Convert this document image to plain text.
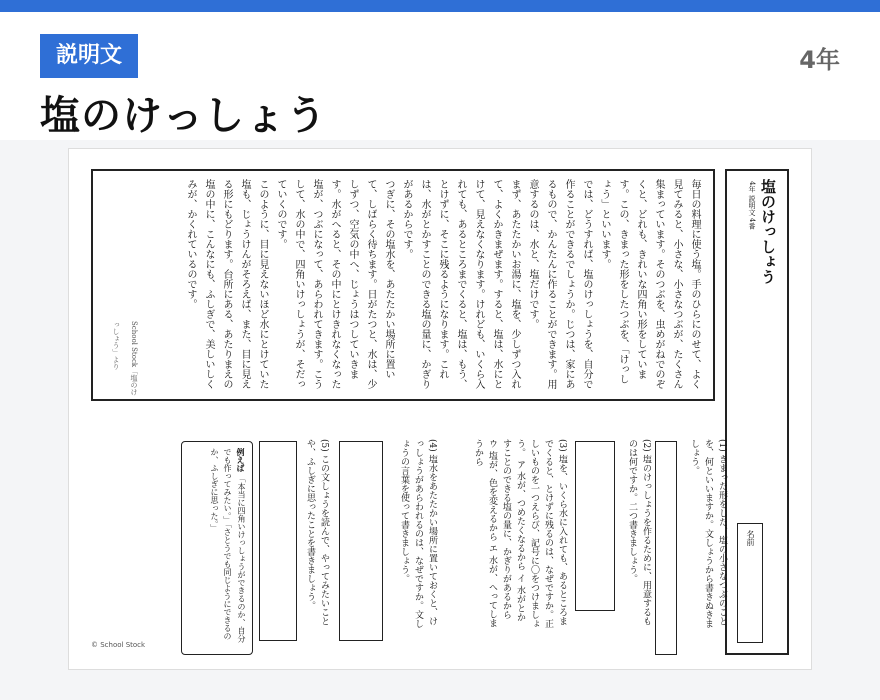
説明文	4年
塩のけっしょう

毎日の料理に使う塩。手のひらにのせて、よく見てみると、小さな、小さなつぶが、たくさん集まっています。そのつぶを、虫めがねでのぞくと、どれも、きれいな四角い形をしています。この、きまった形をしたつぶを、「けっしょう」といいます。

では、どうすれば、塩のけっしょうを、自分で作ることができるでしょうか。じつは、家にあるもので、かんたんに作ることができます。用意するのは、水と、塩だけです。

まず、あたたかいお湯に、塩を、少しずつ入れて、よくかきまぜます。すると、塩は、水にとけて、見えなくなります。けれども、いくら入れても、あるところまでくると、塩は、もう、とけずに、そこに残るようになります。これは、水がとかすことのできる塩の量に、かぎりがあるからです。

つぎに、その塩水を、あたたかい場所に置いて、しばらく待ちます。日がたつと、水は、少しずつ、空気の中へ、じょうはつしていきます。水がへると、その中にとけきれなくなった塩が、つぶになって、あらわれてきます。こうして、水の中で、四角いけっしょうが、そだっていくのです。

このように、目に見えないほど水にとけていた塩も、じょうけんがそろえば、また、目に見える形にもどります。台所にある、あたりまえの塩の中に、こんなにも、ふしぎで、美しいしくみが、かくれているのです。

School Stock「塩のけっしょう」より
塩のけっしょう
4年 説明文 4番
名前
(1) きまった形をした、塩の小さなつぶのことを、何といいますか。文しょうから書きぬきましょう。
(2) 塩のけっしょうを作るために、用意するものは何ですか。二つ書きましょう。
(3) 塩を、いくら水に入れても、あるところまでくると、とけずに残るのは、なぜですか。正しいものを一つえらび、記号に〇をつけましょう。 ア 水が、つめたくなるから イ 水がとかすことのできる塩の量に、かぎりがあるから ウ 塩が、色を変えるから エ 水が、へってしまうから
(4) 塩水をあたたかい場所に置いておくと、けっしょうがあらわれるのは、なぜですか。文しょうの言葉を使って書きましょう。
(5) この文しょうを読んで、やってみたいことや、ふしぎに思ったことを書きましょう。
例えば 「本当に四角いけっしょうができるのか、自分でも作ってみたい。」「さとうでも同じようにできるのか、ふしぎに思った。」
© School Stock
